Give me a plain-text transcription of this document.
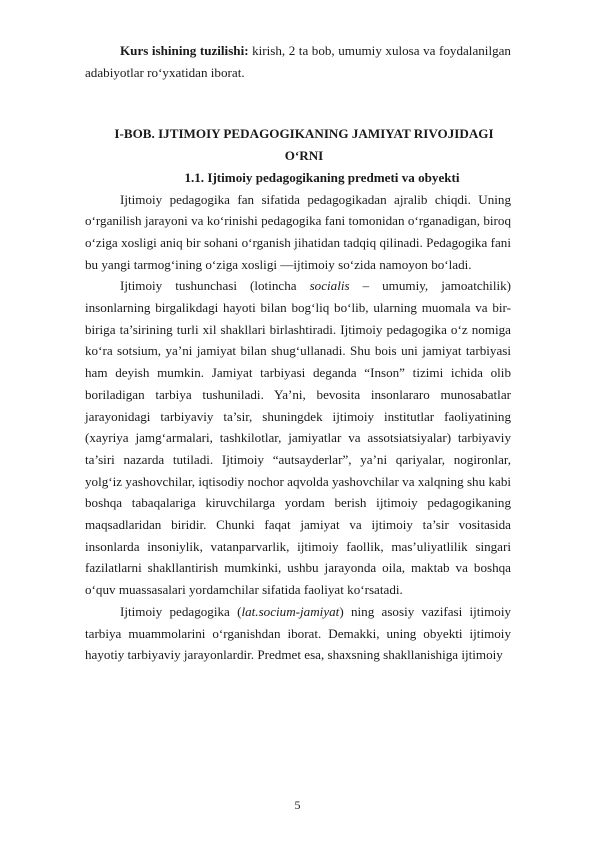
Kurs ishining tuzilishi: kirish, 2 ta bob, umumiy xulosa va foydalanilgan adabiyotlar ro‘yxatidan iborat.

I-BOB. IJTIMOIY PEDAGOGIKANING JAMIYAT RIVOJIDAGI O‘RNI

1.1. Ijtimoiy pedagogikaning predmeti va obyekti

Ijtimoiy pedagogika fan sifatida pedagogikadan ajralib chiqdi. Uning o‘rganilish jarayoni va ko‘rinishi pedagogika fani tomonidan o‘rganadigan, biroq o‘ziga xosligi aniq bir sohani o‘rganish jihatidan tadqiq qilinadi. Pedagogika fani bu yangi tarmog‘ining o‘ziga xosligi —ijtimoiy so‘zida namoyon bo‘ladi.

Ijtimoiy tushunchasi (lotincha socialis – umumiy, jamoatchilik) insonlarning birgalikdagi hayoti bilan bog‘liq bo‘lib, ularning muomala va bir-biriga ta’sirining turli xil shakllari birlashtiradi. Ijtimoiy pedagogika o‘z nomiga ko‘ra sotsium, ya’ni jamiyat bilan shug‘ullanadi. Shu bois uni jamiyat tarbiyasi ham deyish mumkin. Jamiyat tarbiyasi deganda “Inson” tizimi ichida olib boriladigan tarbiya tushuniladi. Ya’ni, bevosita insonlararo munosabatlar jarayonidagi tarbiyaviy ta’sir, shuningdek ijtimoiy institutlar faoliyatining (xayriya jamg‘armalari, tashkilotlar, jamiyatlar va assotsiatsiyalar) tarbiyaviy ta’siri nazarda tutiladi. Ijtimoiy “autsayderlar”, ya’ni qariyalar, nogironlar, yolg‘iz yashovchilar, iqtisodiy nochor aqvolda yashovchilar va xalqning shu kabi boshqa tabaqalariga kiruvchilarga yordam berish ijtimoiy pedagogikaning maqsadlaridan biridir. Chunki faqat jamiyat va ijtimoiy ta’sir vositasida insonlarda insoniylik, vatanparvarlik, ijtimoiy faollik, mas’uliyatlilik singari fazilatlarni shakllantirish mumkinki, ushbu jarayonda oila, maktab va boshqa o‘quv muassasalari yordamchilar sifatida faoliyat ko‘rsatadi.

Ijtimoiy pedagogika (lat.socium-jamiyat) ning asosiy vazifasi ijtimoiy tarbiya muammolarini o‘rganishdan iborat. Demakki, uning obyekti ijtimoiy hayotiy tarbiyaviy jarayonlardir. Predmet esa, shaxsning shakllanishiga ijtimoiy

5
